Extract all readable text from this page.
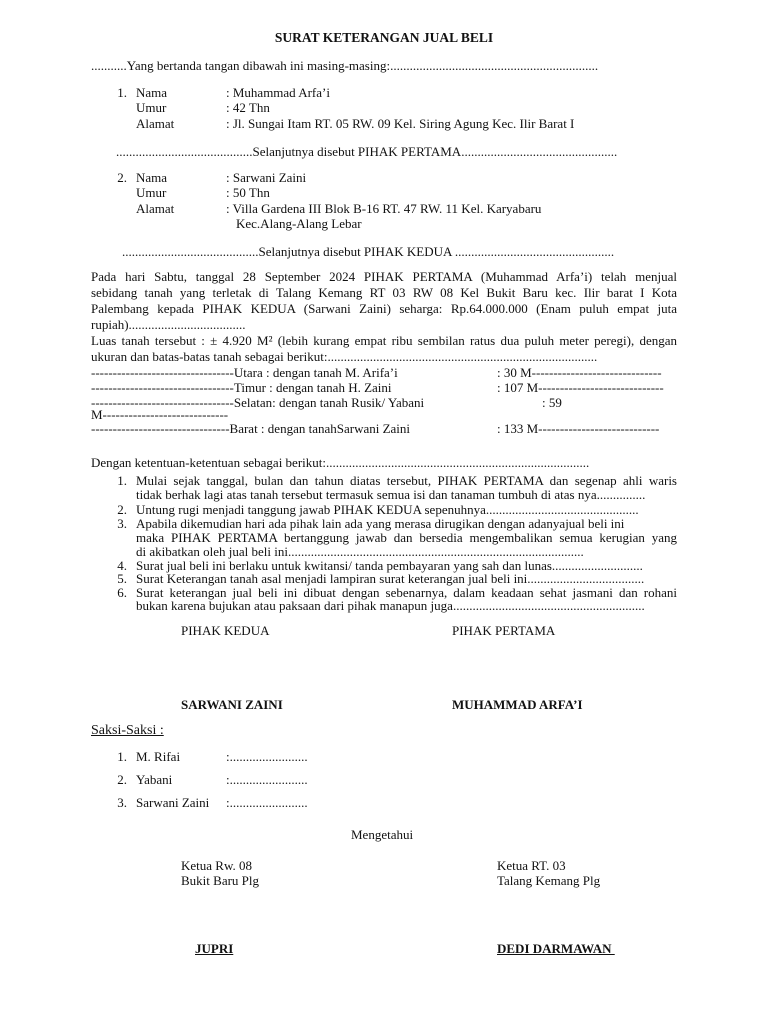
SURAT KETERANGAN JUAL BELI
...........Yang bertanda tangan dibawah ini masing-masing:................................................................
1. Nama	: Muhammad Arfa’i
Umur	: 42 Thn
Alamat	: Jl. Sungai Itam RT. 05 RW. 09 Kel. Siring Agung Kec. Ilir Barat I
..........................................Selanjutnya disebut PIHAK PERTAMA................................................
2. Nama	: Sarwani Zaini
Umur	: 50 Thn
Alamat	: Villa Gardena III Blok B-16 RT. 47 RW. 11 Kel. Karyabaru
Kec.Alang-Alang Lebar
..........................................Selanjutnya disebut PIHAK KEDUA .................................................
Pada hari Sabtu, tanggal 28 September 2024 PIHAK PERTAMA (Muhammad Arfa’i) telah menjual
sebidang tanah yang terletak di Talang Kemang RT 03 RW 08 Kel Bukit Baru kec. Ilir barat I Kota
Palembang kepada PIHAK KEDUA (Sarwani Zaini) seharga: Rp.64.000.000 (Enam puluh empat juta
rupiah)....................................
Luas tanah tersebut : ± 4.920 M² (lebih kurang empat ribu sembilan ratus dua puluh meter peregi), dengan
ukuran dan batas-batas tanah sebagai berikut:...................................................................................
---------------------------------Utara : dengan tanah M. Arifa’i	: 30 M------------------------------
---------------------------------Timur : dengan tanah H. Zaini	: 107 M-----------------------------
---------------------------------Selatan: dengan tanah Rusik/ Yabani	: 59
M-----------------------------
--------------------------------Barat : dengan tanahSarwani Zaini	: 133 M----------------------------
Dengan ketentuan-ketentuan sebagai berikut:.................................................................................
1. Mulai sejak tanggal, bulan dan tahun diatas tersebut, PIHAK PERTAMA dan segenap ahli waris
tidak berhak lagi atas tanah tersebut termasuk semua isi dan tanaman tumbuh di atas nya...............
2. Untung rugi menjadi tanggung jawab PIHAK KEDUA sepenuhnya...............................................
3. Apabila dikemudian hari ada pihak lain ada yang merasa dirugikan dengan adanyajual beli ini
maka PIHAK PERTAMA bertanggung jawab dan bersedia mengembalikan semua kerugian yang
di akibatkan oleh jual beli ini...........................................................................................
4. Surat jual beli ini berlaku untuk kwitansi/ tanda pembayaran yang sah dan lunas............................
5. Surat Keterangan tanah asal menjadi lampiran surat keterangan jual beli ini....................................
6. Surat keterangan jual beli ini dibuat dengan sebenarnya, dalam keadaan sehat jasmani dan rohani
bukan karena bujukan atau paksaan dari pihak manapun juga...........................................................
PIHAK KEDUA	PIHAK PERTAMA
SARWANI ZAINI	MUHAMMAD ARFA’I
Saksi-Saksi :
1. M. Rifai	:........................
2. Yabani	:........................
3. Sarwani Zaini :........................
Mengetahui
Ketua Rw. 08
Bukit Baru Plg
Ketua RT. 03
Talang Kemang Plg
JUPRI	DEDI DARMAWAN
